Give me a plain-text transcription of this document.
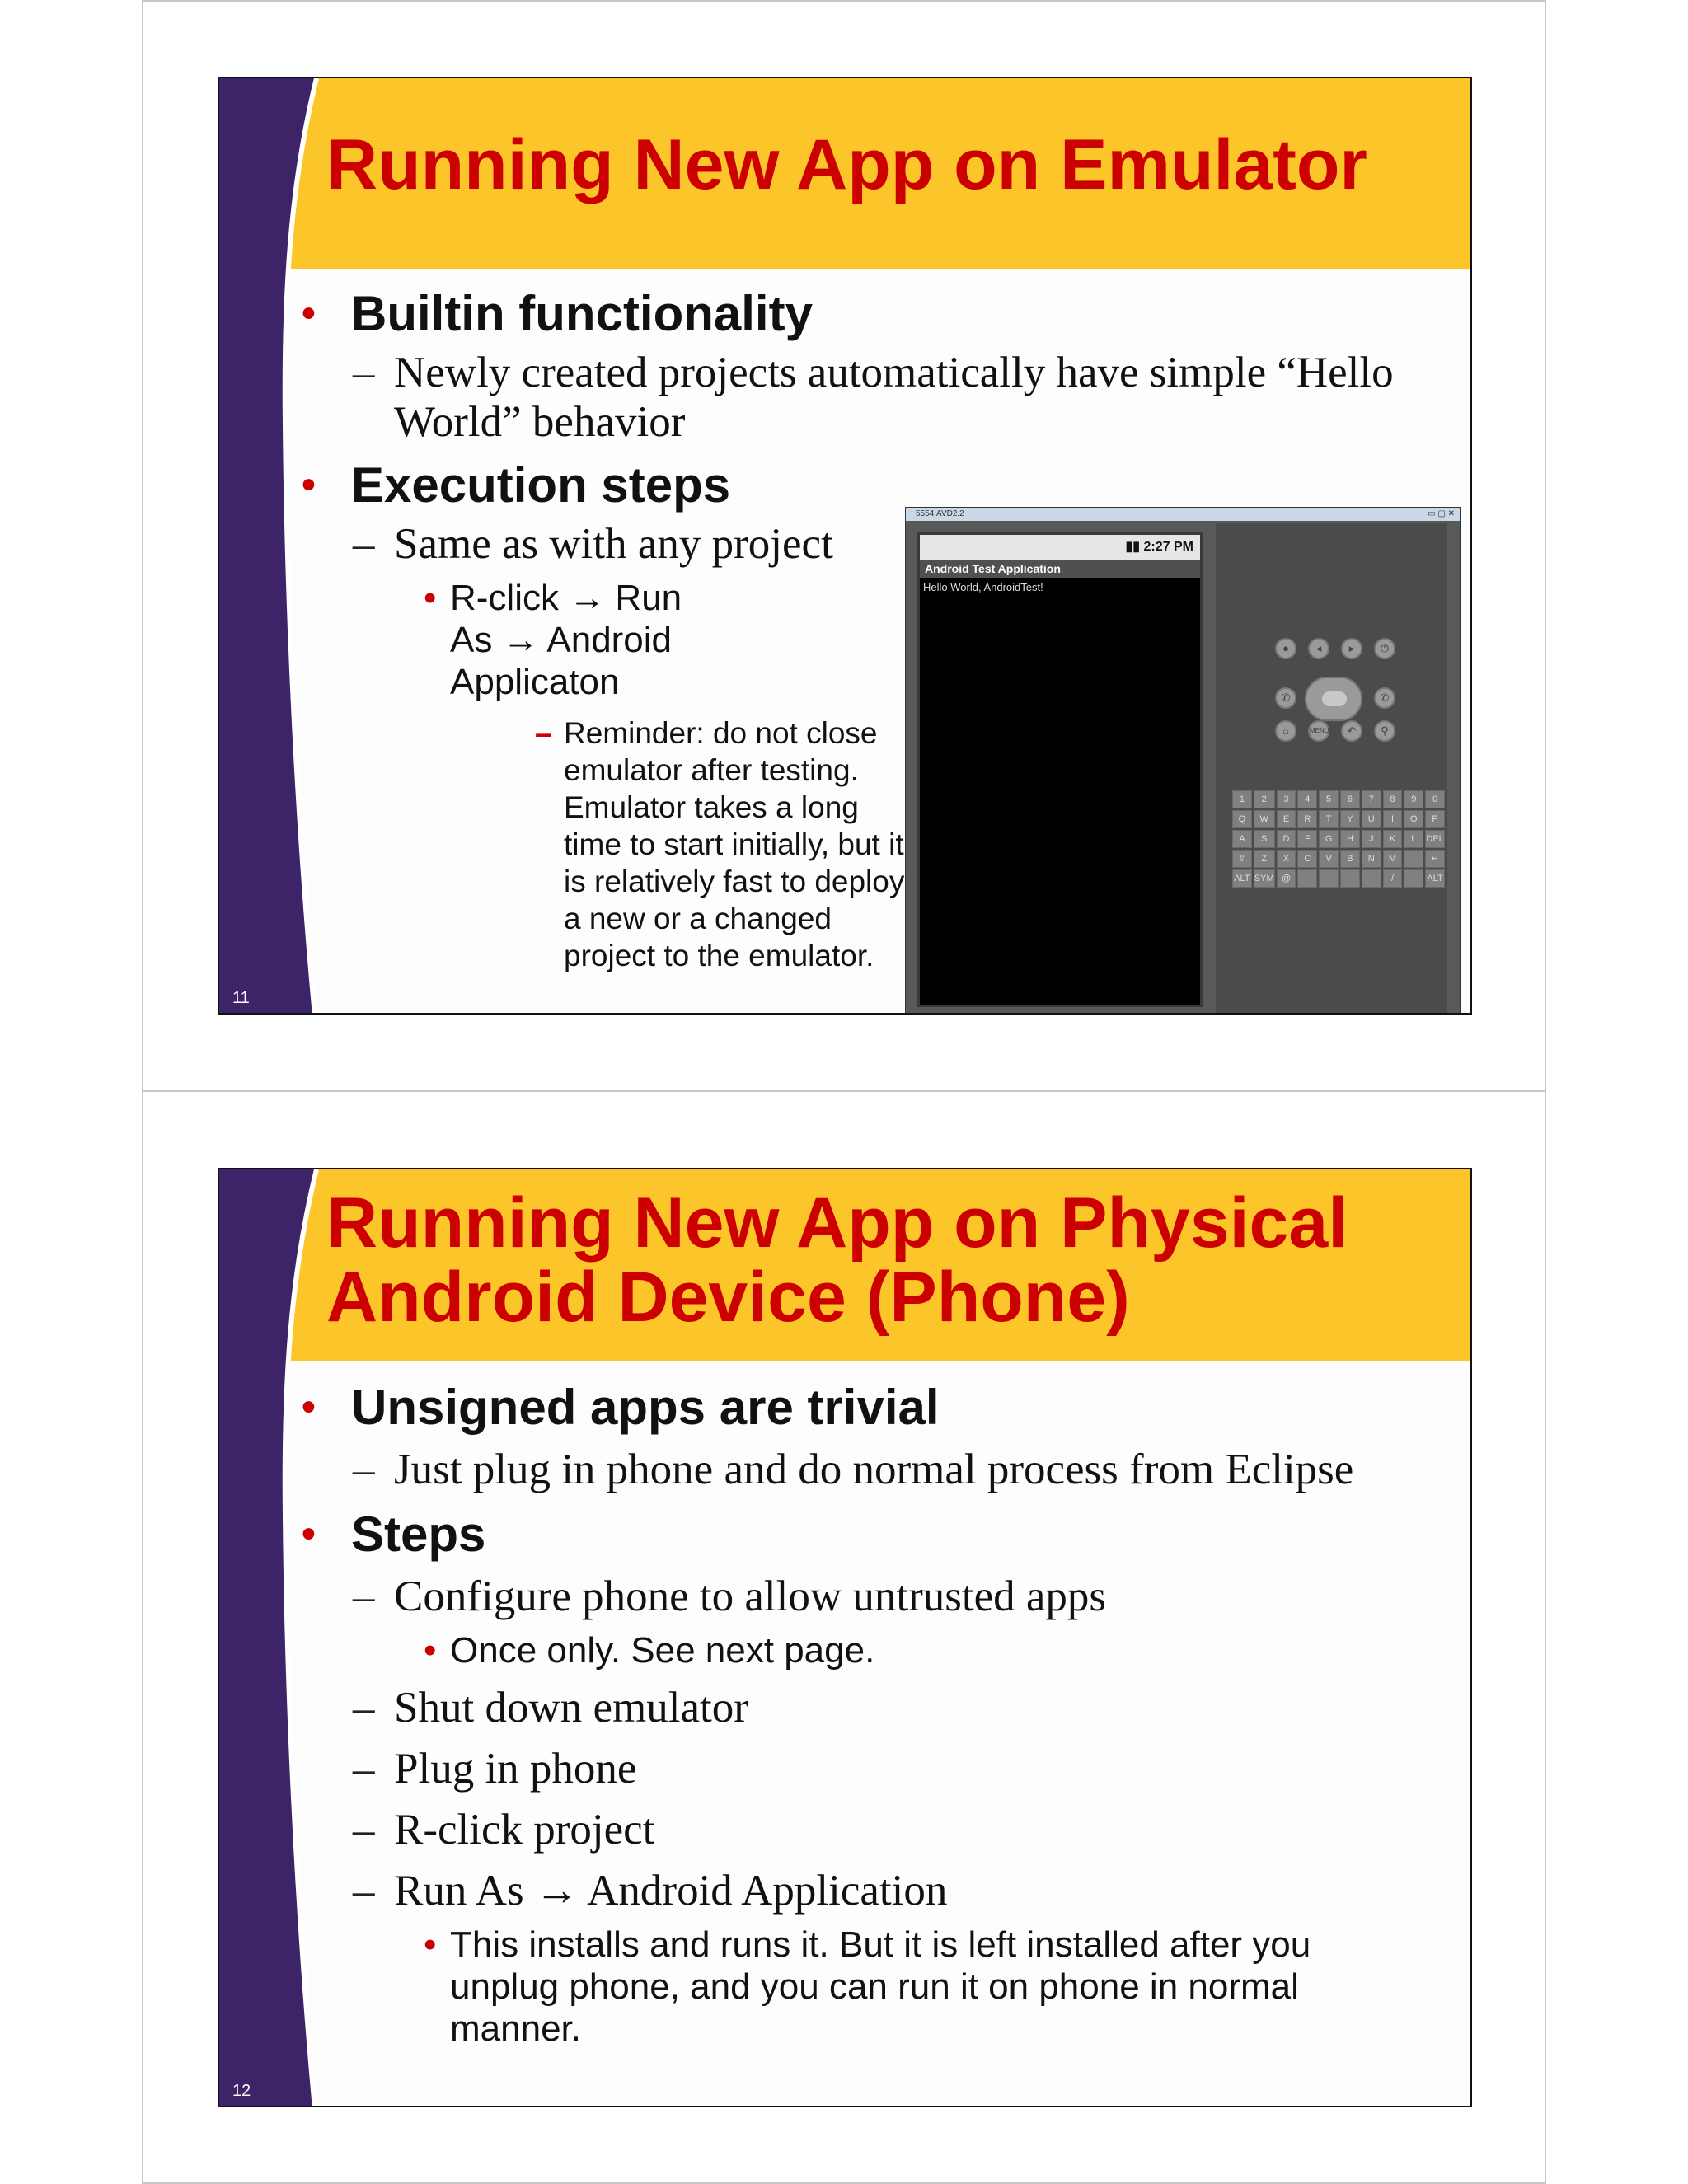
Running New App on Emulator
• Builtin functionality
– Newly created projects automatically have simple “Hello World” behavior
• Execution steps
– Same as with any project
• R-click → Run As → Android Applicaton
– Reminder: do not close emulator after testing. Emulator takes a long time to start initially, but it is relatively fast to deploy a new or a changed project to the emulator.
5554:AVD2.2	▭ ▢ ✕
▮▮ 2:27 PM
Android Test Application
Hello World, AndroidTest!
●	◂	▸	⏻
✆	✆
⌂	MENU	↶	⚲
1	2	3	4	5	6	7	8	9	0
Q	W	E	R	T	Y	U	I	O	P
A	S	D	F	G	H	J	K	L	DEL
⇧	Z	X	C	V	B	N	M	.	↵
ALT SYM @	/	,	ALT
11
Running New App on Physical
Android Device (Phone)
• Unsigned apps are trivial
– Just plug in phone and do normal process from Eclipse
• Steps
– Configure phone to allow untrusted apps
• Once only. See next page.
– Shut down emulator
– Plug in phone
– R-click project
– Run As → Android Application
• This installs and runs it. But it is left installed after you unplug phone, and you can run it on phone in normal manner.
12
